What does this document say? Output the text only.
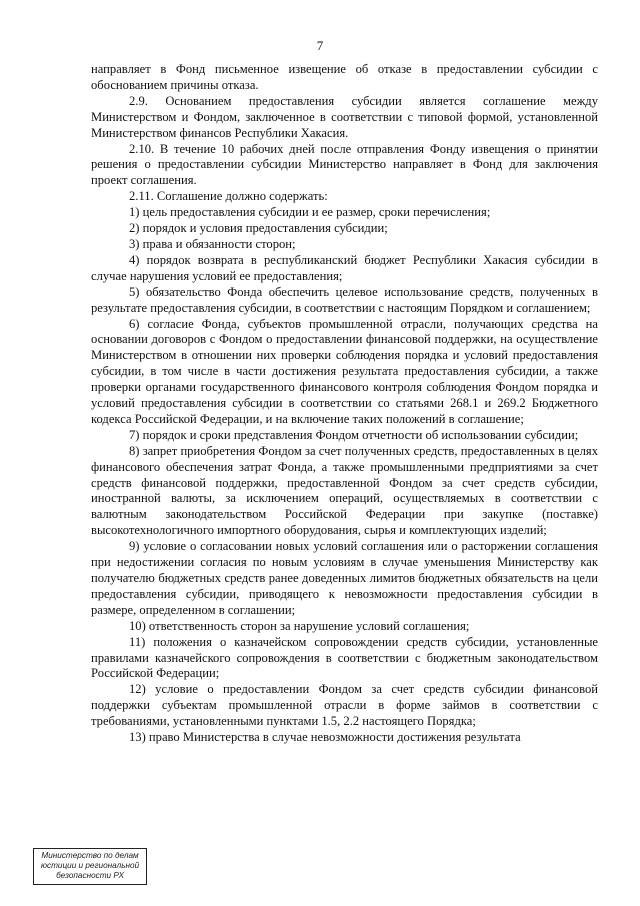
7

направляет в Фонд письменное извещение об отказе в предоставлении субсидии с обоснованием причины отказа.

2.9. Основанием предоставления субсидии является соглашение между Министерством и Фондом, заключенное в соответствии с типовой формой, установленной Министерством финансов Республики Хакасия.

2.10. В течение 10 рабочих дней после отправления Фонду извещения о принятии решения о предоставлении субсидии Министерство направляет в Фонд для заключения проект соглашения.

2.11. Соглашение должно содержать:

1) цель предоставления субсидии и ее размер, сроки перечисления;

2) порядок и условия предоставления субсидии;

3) права и обязанности сторон;

4) порядок возврата в республиканский бюджет Республики Хакасия субсидии в случае нарушения условий ее предоставления;

5) обязательство Фонда обеспечить целевое использование средств, полученных в результате предоставления субсидии, в соответствии с настоящим Порядком и соглашением;

6) согласие Фонда, субъектов промышленной отрасли, получающих средства на основании договоров с Фондом о предоставлении финансовой поддержки, на осуществление Министерством в отношении них проверки соблюдения порядка и условий предоставления субсидии, в том числе в части достижения результата предоставления субсидии, а также проверки органами государственного финансового контроля соблюдения Фондом порядка и условий предоставления субсидии в соответствии со статьями 268.1 и 269.2 Бюджетного кодекса Российской Федерации, и на включение таких положений в соглашение;

7) порядок и сроки представления Фондом отчетности об использовании субсидии;

8) запрет приобретения Фондом за счет полученных средств, предоставленных в целях финансового обеспечения затрат Фонда, а также промышленными предприятиями за счет средств финансовой поддержки, предоставленной Фондом за счет средств субсидии, иностранной валюты, за исключением операций, осуществляемых в соответствии с валютным законодательством Российской Федерации при закупке (поставке) высокотехнологичного импортного оборудования, сырья и комплектующих изделий;

9) условие о согласовании новых условий соглашения или о расторжении соглашения при недостижении согласия по новым условиям в случае уменьшения Министерству как получателю бюджетных средств ранее доведенных лимитов бюджетных обязательств на цели предоставления субсидии, приводящего к невозможности предоставления субсидии в размере, определенном в соглашении;

10) ответственность сторон за нарушение условий соглашения;

11) положения о казначейском сопровождении средств субсидии, установленные правилами казначейского сопровождения в соответствии с бюджетным законодательством Российской Федерации;

12) условие о предоставлении Фондом за счет средств субсидии финансовой поддержки субъектам промышленной отрасли в форме займов в соответствии с требованиями, установленными пунктами 1.5, 2.2 настоящего Порядка;

13) право Министерства в случае невозможности достижения результата

Министерство по делам
юстиции и региональной
безопасности РХ
